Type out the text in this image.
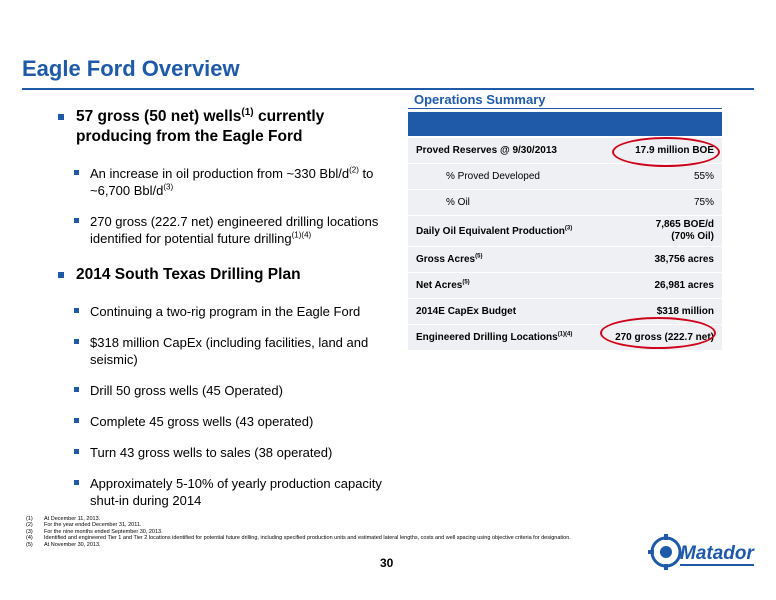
Eagle Ford Overview
57 gross (50 net) wells$^{(1)}$ currently producing from the Eagle Ford
An increase in oil production from ~330 Bbl/$d^{(2)}$ to ~6,700 Bbl/$d^{(3)}$
270 gross (222.7 net) engineered drilling locations identified for potential future drilling$^{(1)(4)}$
2014 South Texas Drilling Plan
Continuing a two-rig program in the Eagle Ford
$318 million CapEx (including facilities, land and seismic)
Drill 50 gross wells (45 Operated)
Complete 45 gross wells (43 operated)
Turn 43 gross wells to sales (38 operated)
Approximately 5-10% of yearly production capacity shut-in during 2014
Operations Summary
Proved Reserves @ 9/30/2013	17.9 million BOE
% Proved Developed	55%
% Oil	75%
Daily Oil Equivalent Production$^{(3)}$	7,865 BOE/d
(70% Oil)
Gross Acres$^{(5)}$	38,756 acres
Net Acres$^{(5)}$	26,981 acres
2014E CapEx Budget	$318 million
Engineered Drilling Locations$^{(1)(4)}$	270 gross (222.7 net)
(1) At December 11, 2013.
(2) For the year ended December 31, 2011.
(3) For the nine months ended September 30, 2013.
(4) Identified and engineered Tier 1 and Tier 2 locations identified for potential future drilling, including specified production units and estimated lateral lengths, costs and well spacing using objective criteria for designation.
(5) At November 30, 2013.
30	Matador
